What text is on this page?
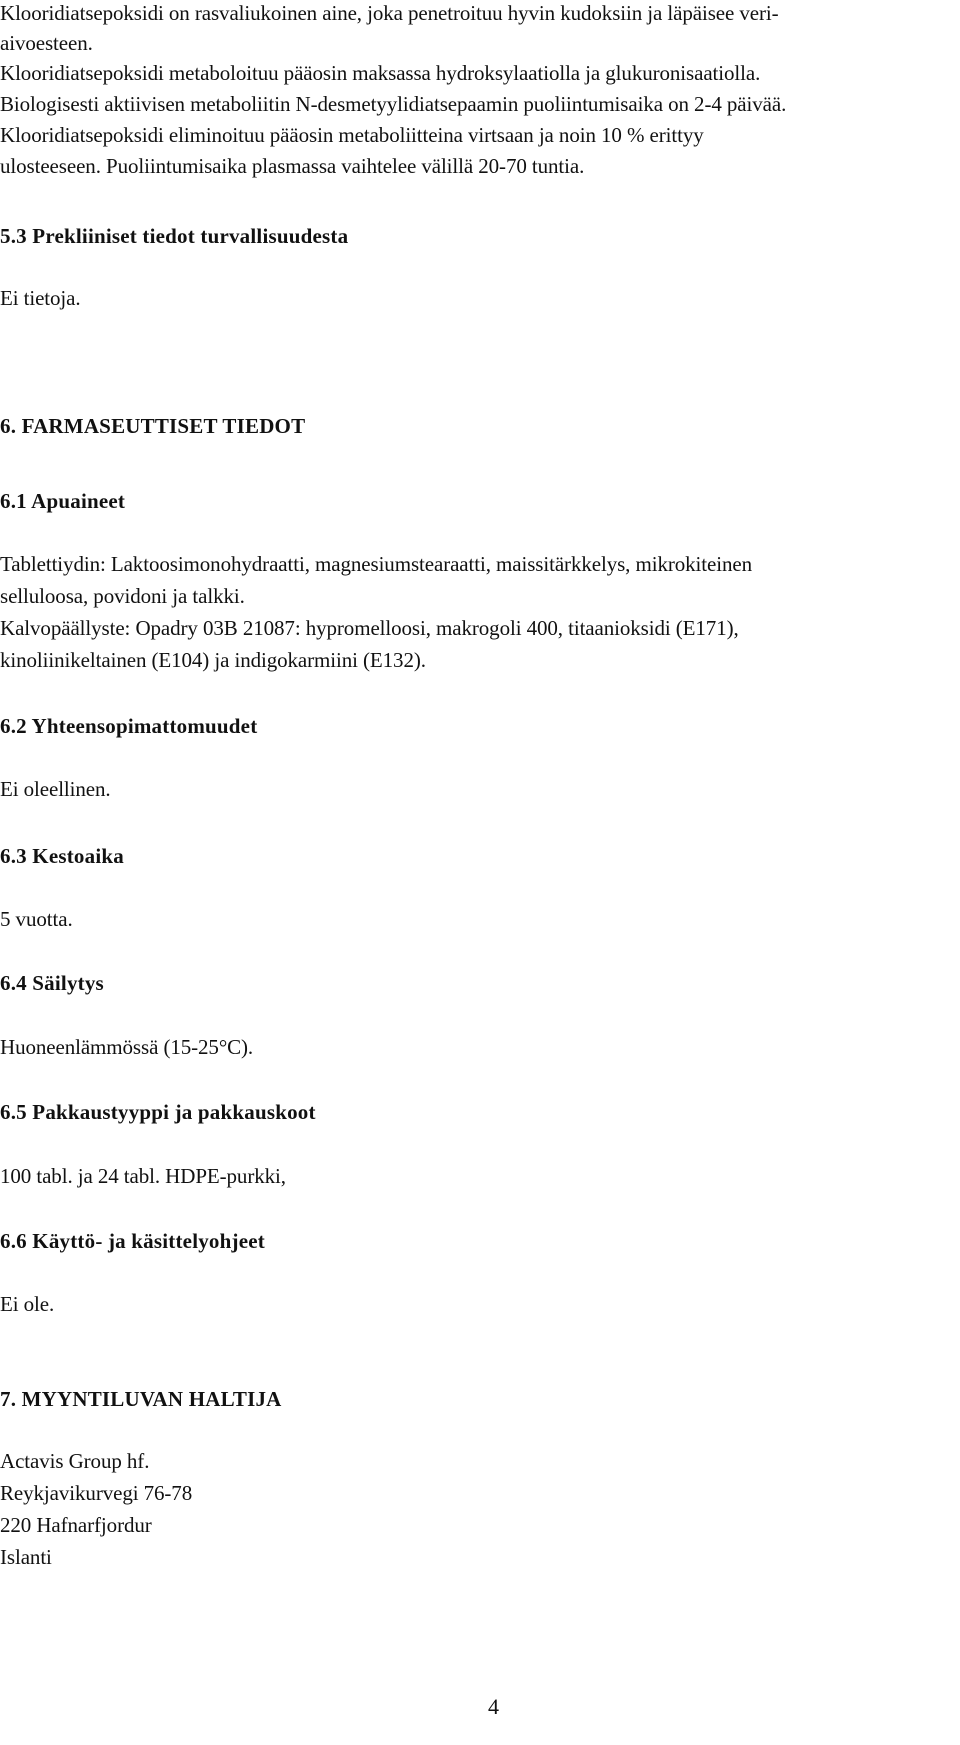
Klooridiatsepoksidi on rasvaliukoinen aine, joka penetroituu hyvin kudoksiin ja läpäisee veri-
aivoesteen.
Klooridiatsepoksidi metaboloituu pääosin maksassa hydroksylaatiolla ja glukuronisaatiolla.
Biologisesti aktiivisen metaboliitin N-desmetyylidiatsepaamin puoliintumisaika on 2-4 päivää.
Klooridiatsepoksidi eliminoituu pääosin metaboliitteina virtsaan ja noin 10 % erittyy
ulosteeseen. Puoliintumisaika plasmassa vaihtelee välillä 20-70 tuntia.
5.3 Prekliiniset tiedot turvallisuudesta
Ei tietoja.
6. FARMASEUTTISET TIEDOT
6.1 Apuaineet
Tablettiydin: Laktoosimonohydraatti, magnesiumstearaatti, maissitärkkelys, mikrokiteinen
selluloosa, povidoni ja talkki.
Kalvopäällyste: Opadry 03B 21087: hypromelloosi, makrogoli 400, titaanioksidi (E171),
kinoliinikeltainen (E104) ja indigokarmiini (E132).
6.2 Yhteensopimattomuudet
Ei oleellinen.
6.3 Kestoaika
5 vuotta.
6.4 Säilytys
Huoneenlämmössä (15-25°C).
6.5 Pakkaustyyppi ja pakkauskoot
100 tabl. ja 24 tabl. HDPE-purkki,
6.6 Käyttö- ja käsittelyohjeet
Ei ole.
7. MYYNTILUVAN HALTIJA
Actavis Group hf.
Reykjavikurvegi 76-78
220 Hafnarfjordur
Islanti
4
